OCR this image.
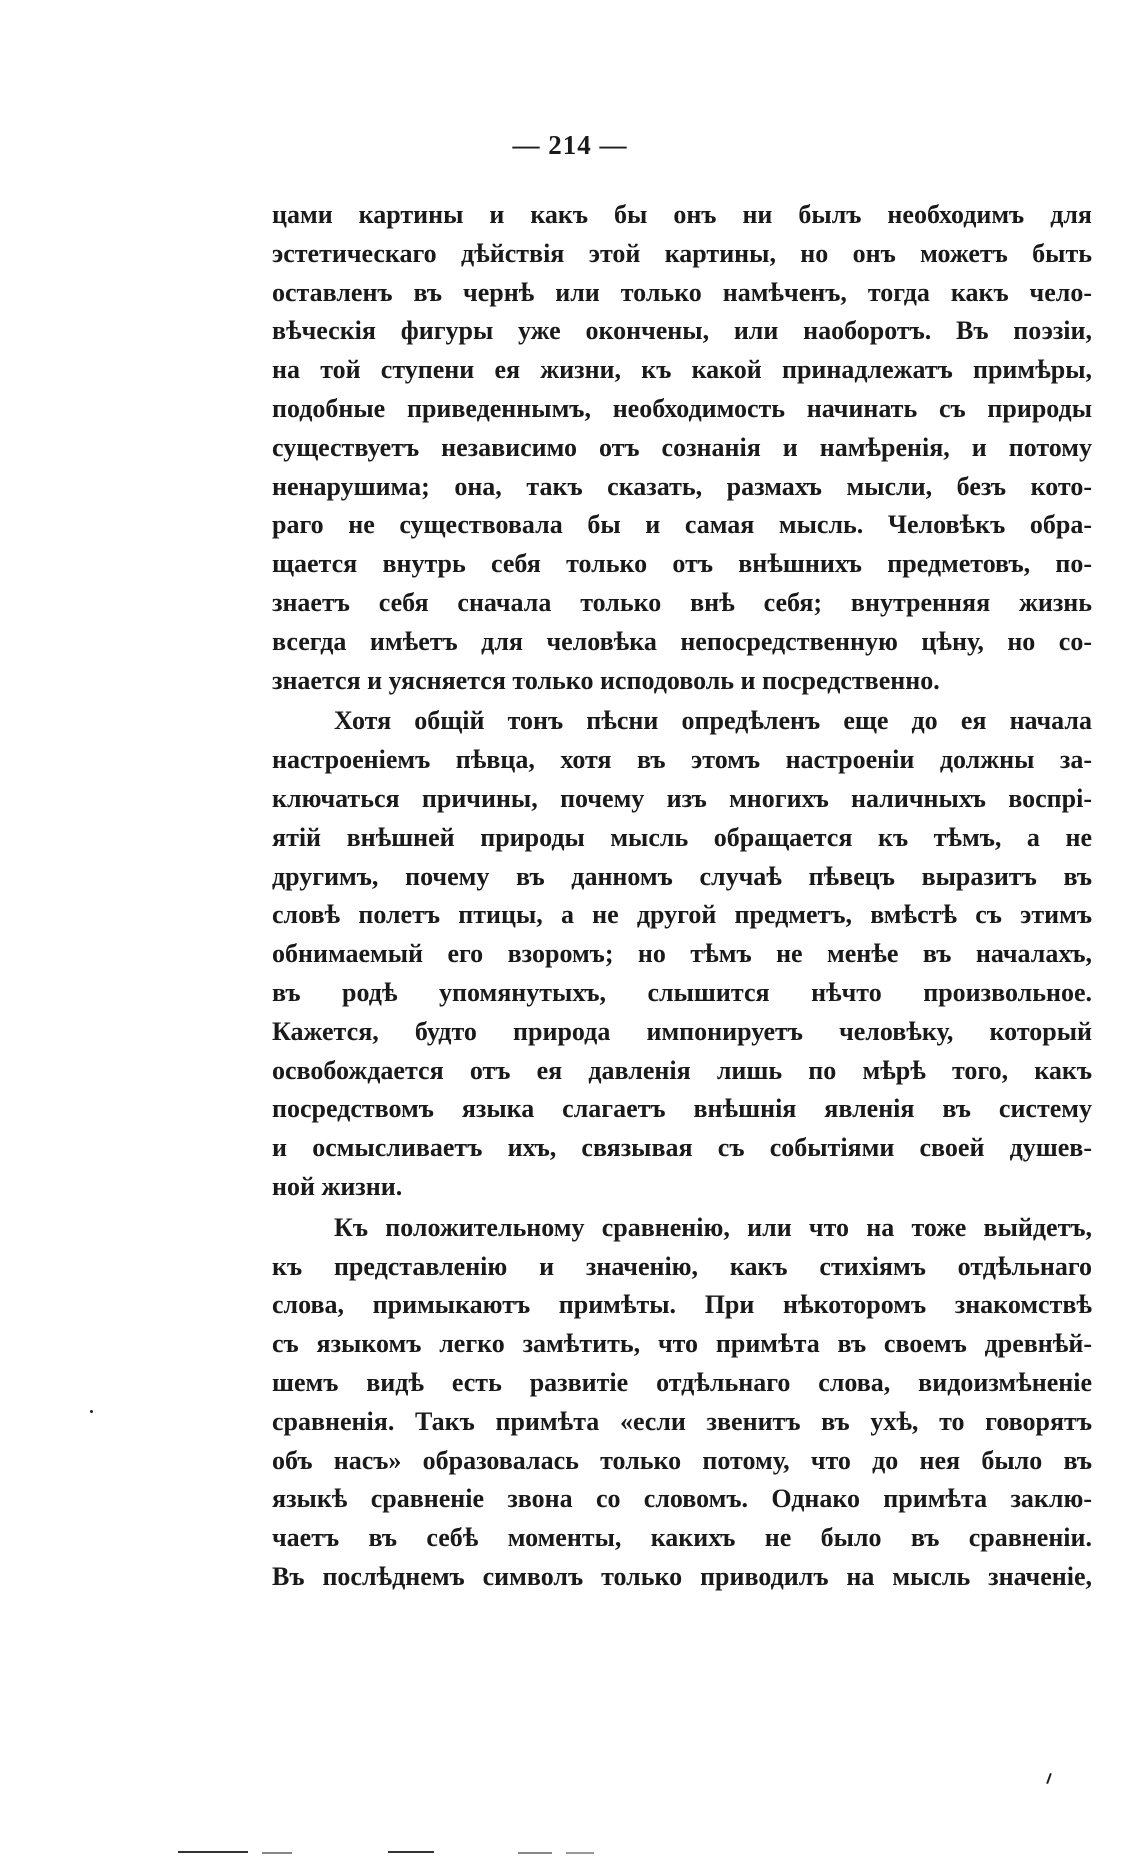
— 214 —
цами картины и какъ бы онъ ни былъ необходимъ для
эстетическаго дѣйствія этой картины, но онъ можетъ быть
оставленъ въ чернѣ или только намѣченъ, тогда какъ чело-
вѣческія фигуры уже окончены, или наоборотъ. Въ поэзіи,
на той ступени ея жизни, къ какой принадлежатъ примѣры,
подобные приведеннымъ, необходимость начинать съ природы
существуетъ независимо отъ сознанія и намѣренія, и потому
ненарушима; она, такъ сказать, размахъ мысли, безъ кото-
раго не существовала бы и самая мысль. Человѣкъ обра-
щается внутрь себя только отъ внѣшнихъ предметовъ, по-
знаетъ себя сначала только внѣ себя; внутренняя жизнь
всегда имѣетъ для человѣка непосредственную цѣну, но со-
знается и уясняется только исподоволь и посредственно.
Хотя общій тонъ пѣсни опредѣленъ еще до ея начала
настроеніемъ пѣвца, хотя въ этомъ настроеніи должны за-
ключаться причины, почему изъ многихъ наличныхъ воспрі-
ятій внѣшней природы мысль обращается къ тѣмъ, а не
другимъ, почему въ данномъ случаѣ пѣвецъ выразитъ въ
словѣ полетъ птицы, а не другой предметъ, вмѣстѣ съ этимъ
обнимаемый его взоромъ; но тѣмъ не менѣе въ началахъ,
въ родѣ упомянутыхъ, слышится нѣчто произвольное.
Кажется, будто природа импонируетъ человѣку, который
освобождается отъ ея давленія лишь по мѣрѣ того, какъ
посредствомъ языка слагаетъ внѣшнія явленія въ систему
и осмысливаетъ ихъ, связывая съ событіями своей душев-
ной жизни.
Къ положительному сравненію, или что на тоже выйдетъ,
къ представленію и значенію, какъ стихіямъ отдѣльнаго
слова, примыкаютъ примѣты. При нѣкоторомъ знакомствѣ
съ языкомъ легко замѣтить, что примѣта въ своемъ древнѣй-
шемъ видѣ есть развитіе отдѣльнаго слова, видоизмѣненіе
сравненія. Такъ примѣта «если звенитъ въ ухѣ, то говорятъ
объ насъ» образовалась только потому, что до нея было въ
языкѣ сравненіе звона со словомъ. Однако примѣта заклю-
чаетъ въ себѣ моменты, какихъ не было въ сравненіи.
Въ послѣднемъ символъ только приводилъ на мысль значеніе,
